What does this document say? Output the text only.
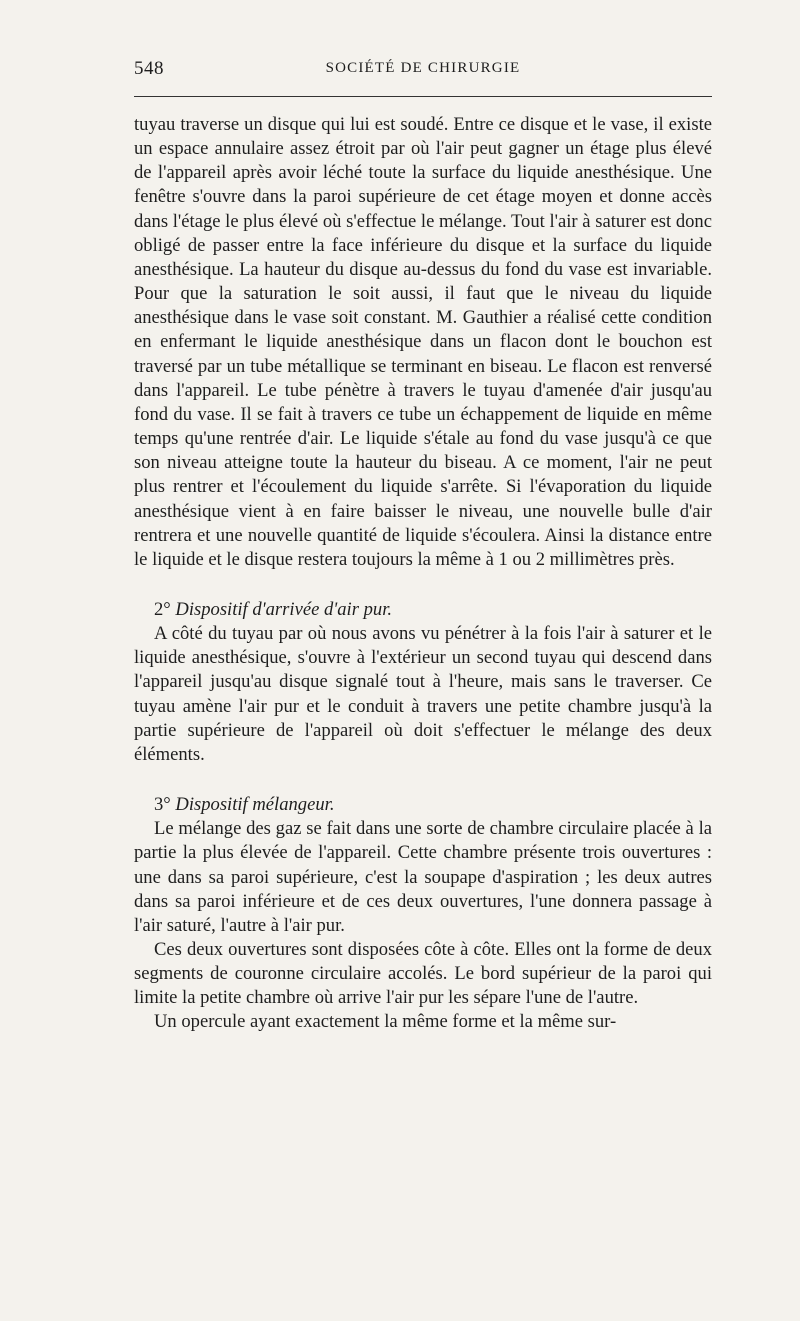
548	SOCIÉTÉ DE CHIRURGIE

tuyau traverse un disque qui lui est soudé. Entre ce disque et le vase, il existe un espace annulaire assez étroit par où l'air peut gagner un étage plus élevé de l'appareil après avoir léché toute la surface du liquide anesthésique. Une fenêtre s'ouvre dans la paroi supérieure de cet étage moyen et donne accès dans l'étage le plus élevé où s'effectue le mélange. Tout l'air à saturer est donc obligé de passer entre la face inférieure du disque et la surface du liquide anesthésique. La hauteur du disque au-dessus du fond du vase est invariable. Pour que la saturation le soit aussi, il faut que le niveau du liquide anesthésique dans le vase soit constant. M. Gauthier a réalisé cette condition en enfermant le liquide anesthésique dans un flacon dont le bouchon est traversé par un tube métallique se terminant en biseau. Le flacon est renversé dans l'appareil. Le tube pénètre à travers le tuyau d'amenée d'air jusqu'au fond du vase. Il se fait à travers ce tube un échappement de liquide en même temps qu'une rentrée d'air. Le liquide s'étale au fond du vase jusqu'à ce que son niveau atteigne toute la hauteur du biseau. A ce moment, l'air ne peut plus rentrer et l'écoulement du liquide s'arrête. Si l'évaporation du liquide anesthésique vient à en faire baisser le niveau, une nouvelle bulle d'air rentrera et une nouvelle quantité de liquide s'écoulera. Ainsi la distance entre le liquide et le disque restera toujours la même à 1 ou 2 millimètres près.

2° Dispositif d'arrivée d'air pur.

A côté du tuyau par où nous avons vu pénétrer à la fois l'air à saturer et le liquide anesthésique, s'ouvre à l'extérieur un second tuyau qui descend dans l'appareil jusqu'au disque signalé tout à l'heure, mais sans le traverser. Ce tuyau amène l'air pur et le conduit à travers une petite chambre jusqu'à la partie supérieure de l'appareil où doit s'effectuer le mélange des deux éléments.

3° Dispositif mélangeur.

Le mélange des gaz se fait dans une sorte de chambre circulaire placée à la partie la plus élevée de l'appareil. Cette chambre présente trois ouvertures : une dans sa paroi supérieure, c'est la soupape d'aspiration ; les deux autres dans sa paroi inférieure et de ces deux ouvertures, l'une donnera passage à l'air saturé, l'autre à l'air pur.

Ces deux ouvertures sont disposées côte à côte. Elles ont la forme de deux segments de couronne circulaire accolés. Le bord supérieur de la paroi qui limite la petite chambre où arrive l'air pur les sépare l'une de l'autre.

Un opercule ayant exactement la même forme et la même sur-
